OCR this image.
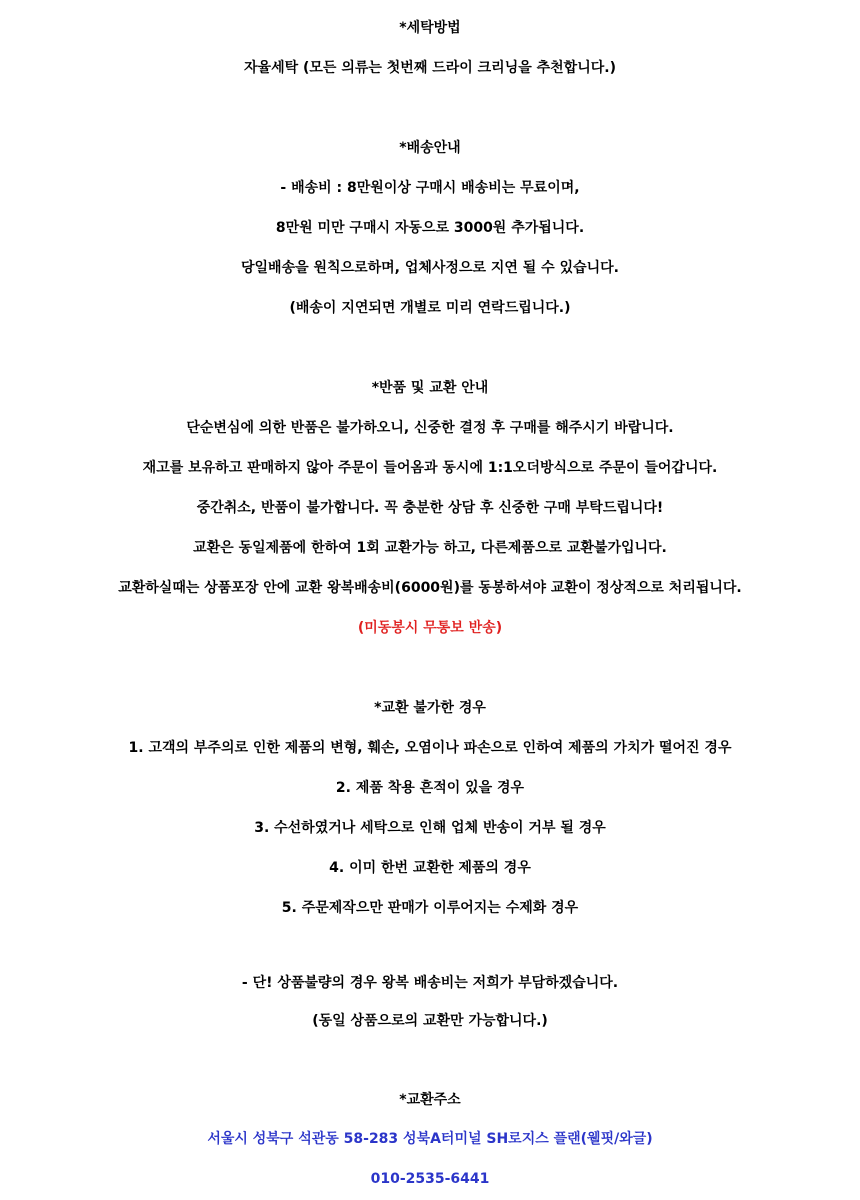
*세탁방법
자율세탁 (모든 의류는 첫번째 드라이 크리닝을 추천합니다.)
*배송안내
- 배송비 : 8만원이상 구매시 배송비는 무료이며,
8만원 미만 구매시 자동으로 3000원 추가됩니다.
당일배송을 원칙으로하며, 업체사정으로 지연 될 수 있습니다.
(배송이 지연되면 개별로 미리 연락드립니다.)
*반품 및 교환 안내
단순변심에 의한 반품은 불가하오니, 신중한 결정 후 구매를 해주시기 바랍니다.
재고를 보유하고 판매하지 않아 주문이 들어옴과 동시에 1:1오더방식으로 주문이 들어갑니다.
중간취소, 반품이 불가합니다. 꼭 충분한 상담 후 신중한 구매 부탁드립니다!
교환은 동일제품에 한하여 1회 교환가능 하고, 다른제품으로 교환불가입니다.
교환하실때는 상품포장 안에 교환 왕복배송비(6000원)를 동봉하셔야 교환이 정상적으로 처리됩니다.
(미동봉시 무통보 반송)
*교환 불가한 경우
1. 고객의 부주의로 인한 제품의 변형, 훼손, 오염이나 파손으로 인하여 제품의 가치가 떨어진 경우
2. 제품 착용 흔적이 있을 경우
3. 수선하였거나 세탁으로 인해 업체 반송이 거부 될 경우
4. 이미 한번 교환한 제품의 경우
5. 주문제작으만 판매가 이루어지는 수제화 경우
- 단! 상품불량의 경우 왕복 배송비는 저희가 부담하겠습니다.
(동일 상품으로의 교환만 가능합니다.)
*교환주소
서울시 성북구 석관동 58-283 성북A터미널 SH로지스 플랜(웰핏/와글)
010-2535-6441
